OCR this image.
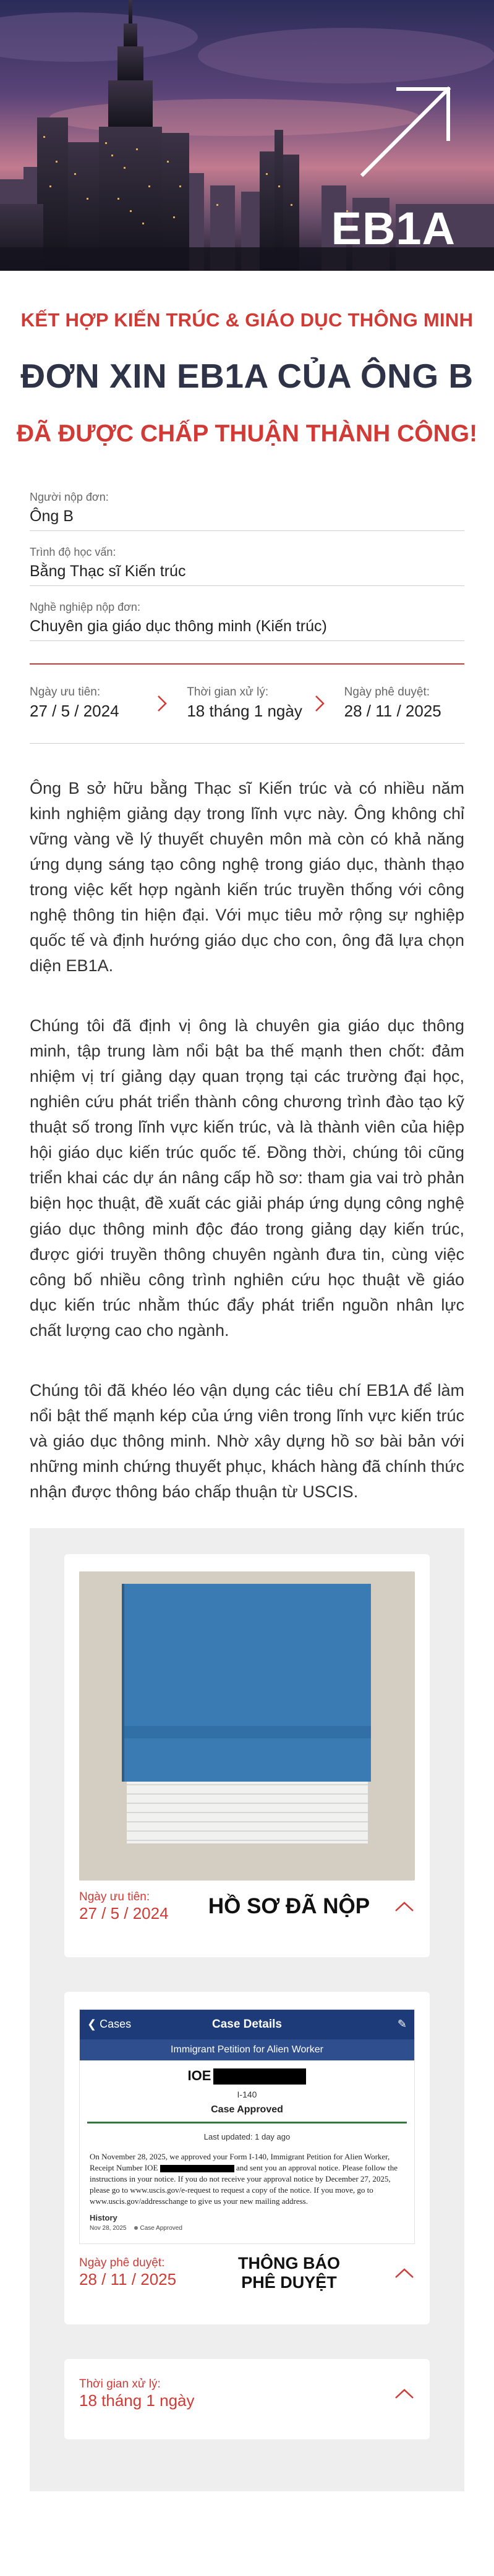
EB1A
KẾT HỢP KIẾN TRÚC & GIÁO DỤC THÔNG MINH
ĐƠN XIN EB1A CỦA ÔNG B
ĐÃ ĐƯỢC CHẤP THUẬN THÀNH CÔNG!
Người nộp đơn:
Ông B
Trình độ học vấn:
Bằng Thạc sĩ Kiến trúc
Nghề nghiệp nộp đơn:
Chuyên gia giáo dục thông minh (Kiến trúc)
Ngày ưu tiên:
27 / 5 / 2024
Thời gian xử lý:
18 tháng 1 ngày
Ngày phê duyệt:
28 / 11 / 2025

Ông B sở hữu bằng Thạc sĩ Kiến trúc và có nhiều năm kinh nghiệm giảng dạy trong lĩnh vực này. Ông không chỉ vững vàng về lý thuyết chuyên môn mà còn có khả năng ứng dụng sáng tạo công nghệ trong giáo dục, thành thạo trong việc kết hợp ngành kiến trúc truyền thống với công nghệ thông tin hiện đại. Với mục tiêu mở rộng sự nghiệp quốc tế và định hướng giáo dục cho con, ông đã lựa chọn diện EB1A.

Chúng tôi đã định vị ông là chuyên gia giáo dục thông minh, tập trung làm nổi bật ba thế mạnh then chốt: đảm nhiệm vị trí giảng dạy quan trọng tại các trường đại học, nghiên cứu phát triển thành công chương trình đào tạo kỹ thuật số trong lĩnh vực kiến trúc, và là thành viên của hiệp hội giáo dục kiến trúc quốc tế. Đồng thời, chúng tôi cũng triển khai các dự án nâng cấp hồ sơ: tham gia vai trò phản biện học thuật, đề xuất các giải pháp ứng dụng công nghệ giáo dục thông minh độc đáo trong giảng dạy kiến trúc, được giới truyền thông chuyên ngành đưa tin, cùng việc công bố nhiều công trình nghiên cứu học thuật về giáo dục kiến trúc nhằm thúc đẩy phát triển nguồn nhân lực chất lượng cao cho ngành.

Chúng tôi đã khéo léo vận dụng các tiêu chí EB1A để làm nổi bật thế mạnh kép của ứng viên trong lĩnh vực kiến trúc và giáo dục thông minh. Nhờ xây dựng hồ sơ bài bản với những minh chứng thuyết phục, khách hàng đã chính thức nhận được thông báo chấp thuận từ USCIS.

Ngày ưu tiên:
27 / 5 / 2024	HỒ SƠ ĐÃ NỘP
❮ Cases	Case Details	✎
Immigrant Petition for Alien Worker
IOE
I-140
Case Approved
Last updated: 1 day ago
On November 28, 2025, we approved your Form I-140, Immigrant Petition for Alien Worker, Receipt Number IOE	and sent you an approval notice. Please follow the instructions in your notice. If you do not receive your approval notice by December 27, 2025, please go to www.uscis.gov/e-request to request a copy of the notice. If you move, go to www.uscis.gov/addresschange to give us your new mailing address.
History
Nov 28, 2025	Case Approved
Ngày phê duyệt:
28 / 11 / 2025
THÔNG BÁO
PHÊ DUYỆT
Thời gian xử lý:
18 tháng 1 ngày
